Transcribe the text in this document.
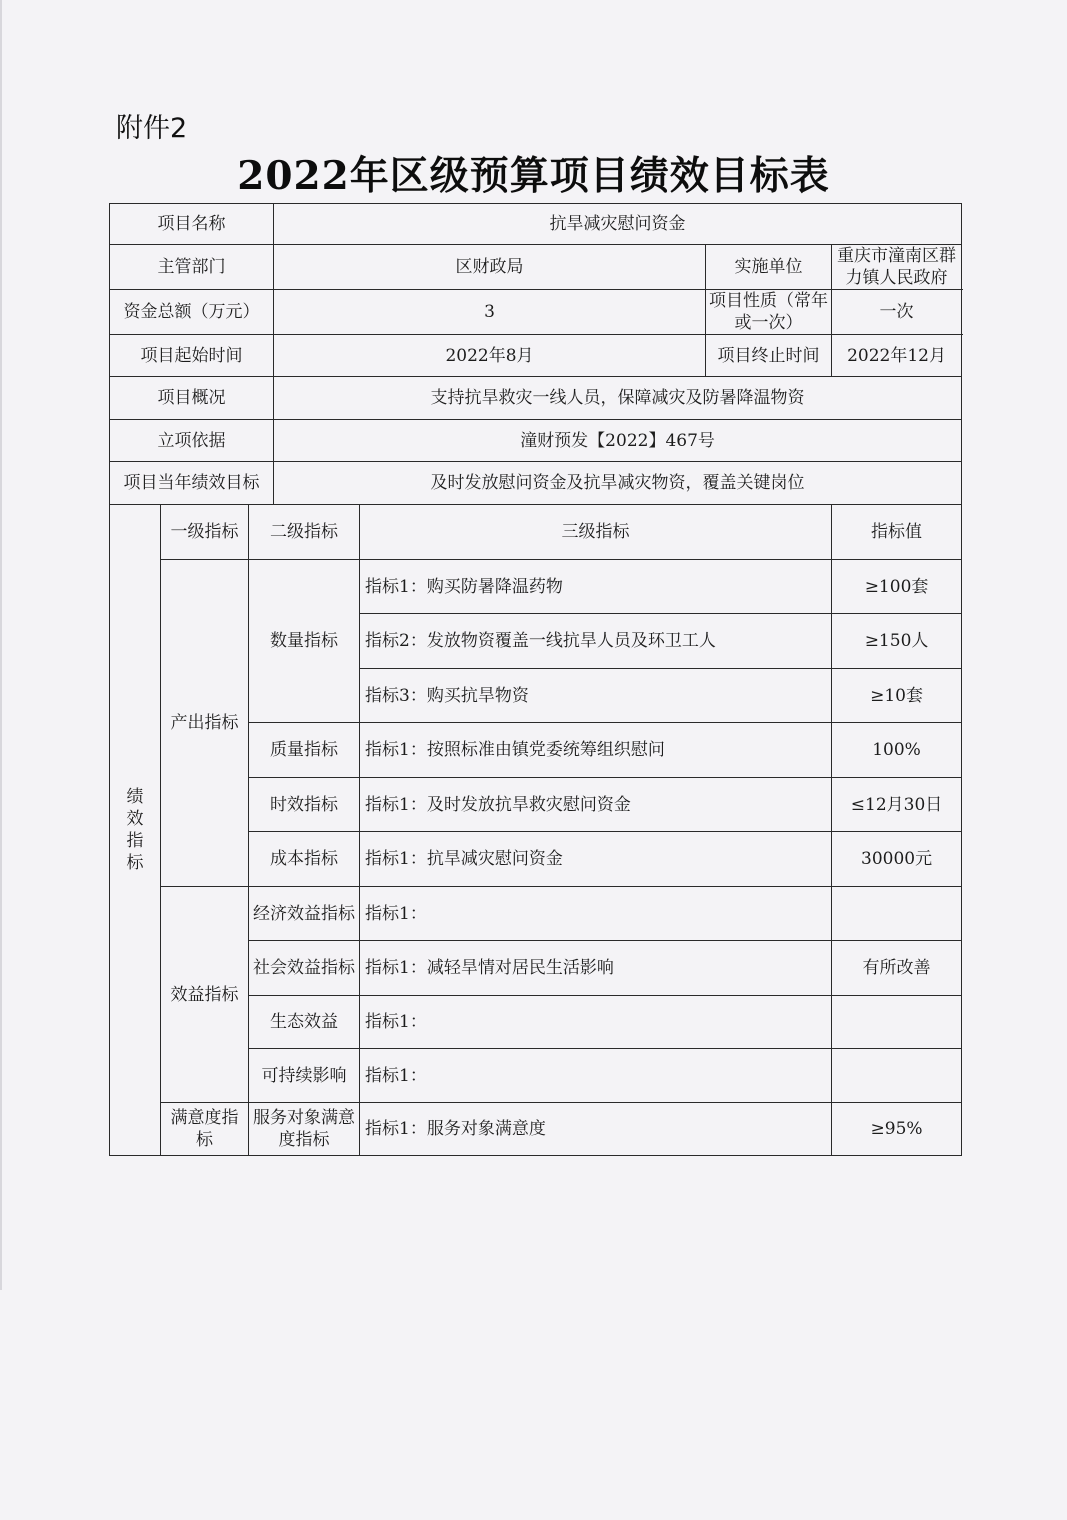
附件2
2022年区级预算项目绩效目标表
项目名称			抗旱减灾慰问资金			
主管部门			区财政局		实施单位	重庆市潼南区群力镇人民政府
资金总额（万元）			3		项目性质（常年或一次）	一次
项目起始时间			2022年8月		项目终止时间	2022年12月
项目概况			支持抗旱救灾一线人员，保障减灾及防暑降温物资			
立项依据			潼财预发【2022】467号			
项目当年绩效目标			及时发放慰问资金及抗旱减灾物资，覆盖关键岗位			

绩
效
指
标	一级指标	二级指标		三级指标		指标值
	产出指标	数量指标		指标1：购买防暑降温药物		≥100套
				指标2：发放物资覆盖一线抗旱人员及环卫工人		≥150人
				指标3：购买抗旱物资		≥10套
		质量指标		指标1：按照标准由镇党委统筹组织慰问		100%
		时效指标		指标1：及时发放抗旱救灾慰问资金		≤12月30日
		成本指标		指标1：抗旱减灾慰问资金		30000元
	效益指标	经济效益指标		指标1：		
		社会效益指标		指标1：减轻旱情对居民生活影响		有所改善
		生态效益		指标1：		
		可持续影响		指标1：		
	满意度指标	服务对象满意度指标		指标1：服务对象满意度		≥95%
